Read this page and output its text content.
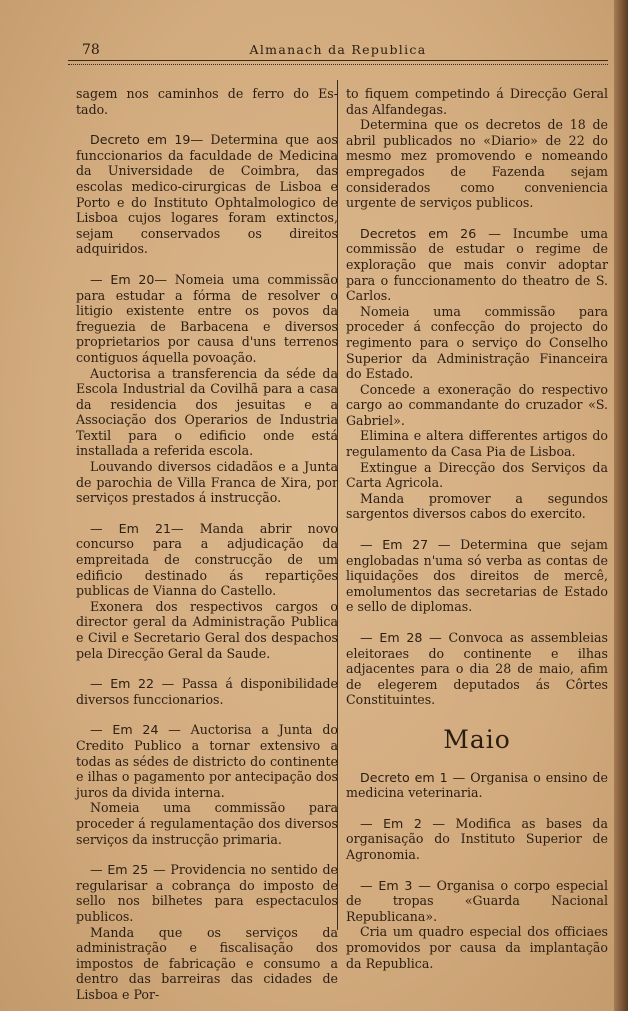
78	Almanach da Republica

sagem nos caminhos de ferro do Es-tado.

Decreto em 19— Determina que aos funccionarios da faculdade de Medicina da Universidade de Coimbra, das escolas medico-cirurgicas de Lisboa e Porto e do Instituto Ophtalmologico de Lisboa cujos logares foram extinctos, sejam conservados os direitos adquiridos.

— Em 20— Nomeia uma commissão para estudar a fórma de resolver o litigio existente entre os povos da freguezia de Barbacena e diversos proprietarios por causa d'uns terrenos contiguos áquella povoação.

Auctorisa a transferencia da séde da Escola Industrial da Covilhã para a casa da residencia dos jesuitas e a Associação dos Operarios de Industria Textil para o edificio onde está installada a referida escola.

Louvando diversos cidadãos e a Junta de parochia de Villa Franca de Xira, por serviços prestados á instrucção.

— Em 21— Manda abrir novo concurso para a adjudicação da empreitada de construcção de um edificio destinado ás repartições publicas de Vianna do Castello.

Exonera dos respectivos cargos o director geral da Administração Publica e Civil e Secretario Geral dos despachos pela Direcção Geral da Saude.

— Em 22 — Passa á disponibilidade diversos funccionarios.

— Em 24 — Auctorisa a Junta do Credito Publico a tornar extensivo a todas as sédes de districto do continente e ilhas o pagamento por antecipação dos juros da divida interna.

Nomeia uma commissão para proceder á regulamentação dos diversos serviços da instrucção primaria.

— Em 25 — Providencia no sentido de regularisar a cobrança do imposto de sello nos bilhetes para espectaculos publicos.

Manda que os serviços da administração e fiscalisação dos impostos de fabricação e consumo a dentro das barreiras das cidades de Lisboa e Por-

to fiquem competindo á Direcção Geral das Alfandegas.

Determina que os decretos de 18 de abril publicados no «Diario» de 22 do mesmo mez promovendo e nomeando empregados de Fazenda sejam considerados como conveniencia urgente de serviços publicos.

Decretos em 26 — Incumbe uma commissão de estudar o regime de exploração que mais convir adoptar para o funccionamento do theatro de S. Carlos.

Nomeia uma commissão para proceder á confecção do projecto do regimento para o serviço do Conselho Superior da Administração Financeira do Estado.

Concede a exoneração do respectivo cargo ao commandante do cruzador «S. Gabriel».

Elimina e altera differentes artigos do regulamento da Casa Pia de Lisboa.

Extingue a Direcção dos Serviços da Carta Agricola.

Manda promover a segundos sargentos diversos cabos do exercito.

— Em 27 — Determina que sejam englobadas n'uma só verba as contas de liquidações dos direitos de mercê, emolumentos das secretarias de Estado e sello de diplomas.

— Em 28 — Convoca as assembleias eleitoraes do continente e ilhas adjacentes para o dia 28 de maio, afim de elegerem deputados ás Côrtes Constituintes.

Maio

Decreto em 1 — Organisa o ensino de medicina veterinaria.

— Em 2 — Modifica as bases da organisação do Instituto Superior de Agronomia.

— Em 3 — Organisa o corpo especial de tropas «Guarda Nacional Republicana».

Cria um quadro especial dos officiaes promovidos por causa da implantação da Republica.
